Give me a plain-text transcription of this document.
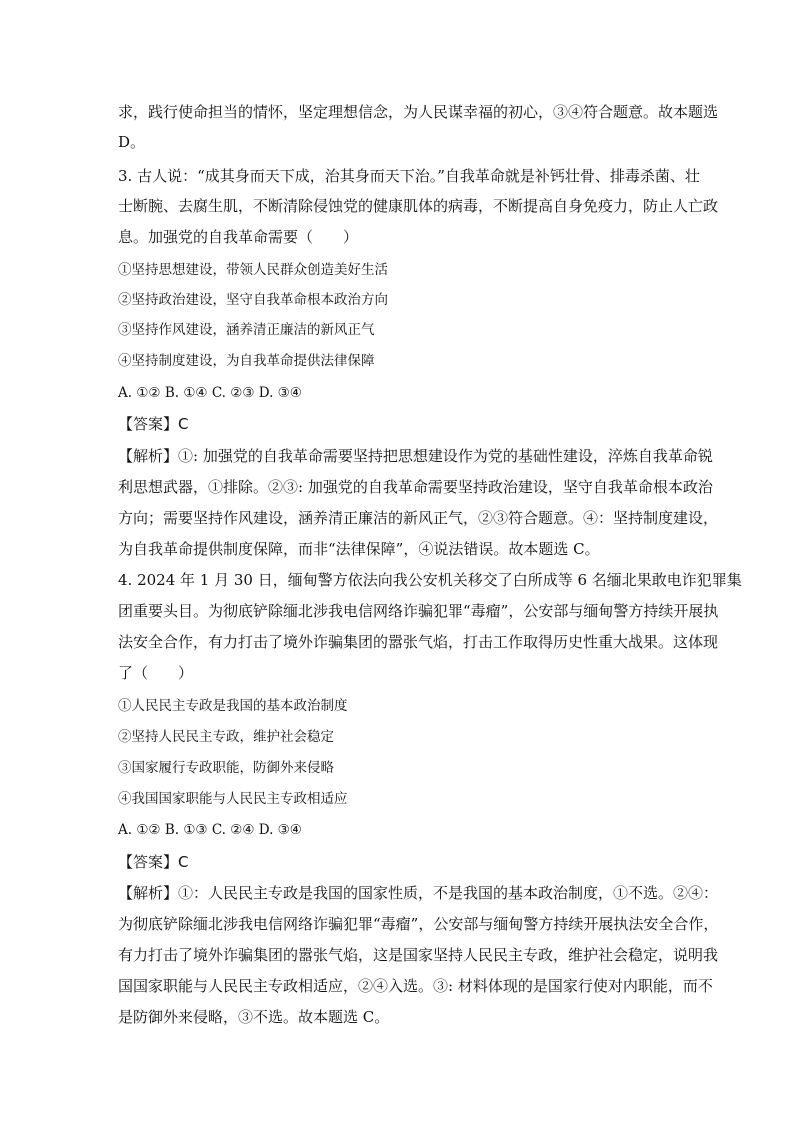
求，践行使命担当的情怀，坚定理想信念，为人民谋幸福的初心，③④符合题意。故本题选
D。
3. 古人说：“成其身而天下成，治其身而天下治。”自我革命就是补钙壮骨、排毒杀菌、壮
士断腕、去腐生肌，不断清除侵蚀党的健康肌体的病毒，不断提高自身免疫力，防止人亡政
息。加强党的自我革命需要（　　）
①坚持思想建设，带领人民群众创造美好生活
②坚持政治建设，坚守自我革命根本政治方向
③坚持作风建设，涵养清正廉洁的新风正气
④坚持制度建设，为自我革命提供法律保障
A. ①② B. ①④ C. ②③ D. ③④
【答案】C
【解析】①: 加强党的自我革命需要坚持把思想建设作为党的基础性建设，淬炼自我革命锐
利思想武器，①排除。②③: 加强党的自我革命需要坚持政治建设，坚守自我革命根本政治
方向；需要坚持作风建设，涵养清正廉洁的新风正气，②③符合题意。④：坚持制度建设，
为自我革命提供制度保障，而非“法律保障”，④说法错误。故本题选 C。
4. 2024 年 1 月 30 日，缅甸警方依法向我公安机关移交了白所成等 6 名缅北果敢电诈犯罪集
团重要头目。为彻底铲除缅北涉我电信网络诈骗犯罪“毒瘤”，公安部与缅甸警方持续开展执
法安全合作，有力打击了境外诈骗集团的嚣张气焰，打击工作取得历史性重大战果。这体现
了（　　）
①人民民主专政是我国的基本政治制度
②坚持人民民主专政，维护社会稳定
③国家履行专政职能，防御外来侵略
④我国国家职能与人民民主专政相适应
A. ①② B. ①③ C. ②④ D. ③④
【答案】C
【解析】①：人民民主专政是我国的国家性质，不是我国的基本政治制度，①不选。②④：
为彻底铲除缅北涉我电信网络诈骗犯罪“毒瘤”，公安部与缅甸警方持续开展执法安全合作，
有力打击了境外诈骗集团的嚣张气焰，这是国家坚持人民民主专政，维护社会稳定，说明我
国国家职能与人民民主专政相适应，②④入选。③: 材料体现的是国家行使对内职能，而不
是防御外来侵略，③不选。故本题选 C。
